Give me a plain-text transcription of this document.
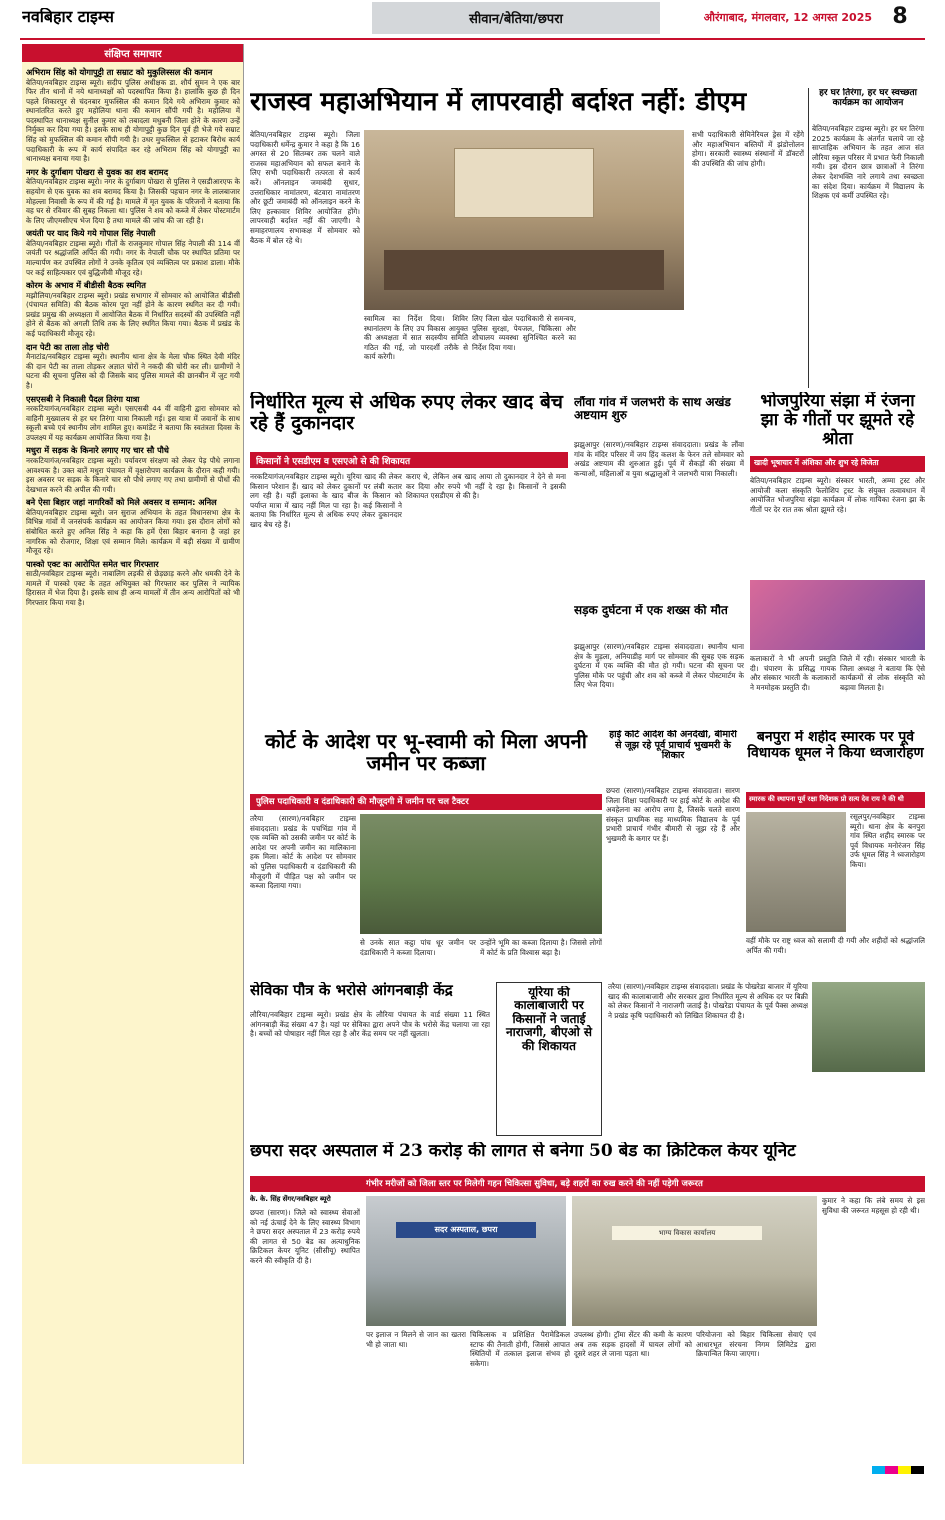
नवबिहार टाइम्स	सीवान/बेतिया/छपरा	औरंगाबाद, मंगलवार, 12 अगस्त 2025 8
संक्षिप्त समाचार
अभिराम सिंह को योगापुट्टी ता सम्राट को मुकुलिस्सल की कमान

बेतिया/नवबिहार टाइम्स ब्यूरो। सदीप पुलिस अधीक्षक डा. शौर्य सुमन ने एक बार फिर तीन थानों में नये थानाध्यक्षों को पदस्थापित किया है। हालांकि कुछ ही दिन पहले शिकारपुर से चंदनबार मुफस्सिल की कमान दिये गये अभिराम कुमार को स्थानांतरित करते हुए महोलिया थाना की कमान सौंपी गयी है। महोलिया में पदस्थापित थानाध्यक्ष सुनील कुमार को तबादला मधुबनी जिला होने के कारण उन्हें निर्मुक्त कर दिया गया है। इसके साथ ही योगापुट्टी कुछ दिन पूर्व ही भेजे गये सम्राट सिंह को मुफस्सिल की कमान सौंपी गयी है। उधर मुफस्सिल से हटाकर बिरोध कार्य पदाधिकारी के रूप में कार्य संपादित कर रहे अभिराम सिंह को योगापुट्टी का थानाध्यक्ष बनाया गया है।

नगर के दुर्गाबाग पोखरा से युवक का शव बरामद

बेतिया/नवबिहार टाइम्स ब्यूरो। नगर के दुर्गाबाग पोखरा से पुलिस ने एसडीआरएफ के सहयोग से एक युवक का शव बरामद किया है। जिसकी पहचान नगर के लालबाजार मोहल्ला निवासी के रूप में की गई है। मामले में मृत युवक के परिजनों ने बताया कि वह घर से रविवार की सुबह निकला था। पुलिस ने शव को कब्जे में लेकर पोस्टमार्टम के लिए जीएमसीएच भेज दिया है तथा मामले की जांच की जा रही है।

जयंती पर याद किये गये गोपाल सिंह नेपाली

बेतिया/नवबिहार टाइम्स ब्यूरो। गीतों के राजकुमार गोपाल सिंह नेपाली की 114 वीं जयंती पर श्रद्धांजलि अर्पित की गयी। नगर के नेपाली चौक पर स्थापित प्रतिमा पर माल्यार्पण कर उपस्थित लोगों ने उनके कृतित्व एवं व्यक्तित्व पर प्रकाश डाला। मौके पर कई साहित्यकार एवं बुद्धिजीवी मौजूद रहे।

कोरम के अभाव में बीडीसी बैठक स्थगित

मझौलिया/नवबिहार टाइम्स ब्यूरो। प्रखंड सभागार में सोमवार को आयोजित बीडीसी (पंचायत समिति) की बैठक कोरम पूरा नहीं होने के कारण स्थगित कर दी गयी। प्रखंड प्रमुख की अध्यक्षता में आयोजित बैठक में निर्धारित सदस्यों की उपस्थिति नहीं होने से बैठक को अगली तिथि तक के लिए स्थगित किया गया। बैठक में प्रखंड के कई पदाधिकारी मौजूद रहे।

दान पेटी का ताला तोड़ चोरी

मैनाटांड/नवबिहार टाइम्स ब्यूरो। स्थानीय थाना क्षेत्र के मेला चौक स्थित देवी मंदिर की दान पेटी का ताला तोड़कर अज्ञात चोरों ने नकदी की चोरी कर ली। ग्रामीणों ने घटना की सूचना पुलिस को दी जिसके बाद पुलिस मामले की छानबीन में जुट गयी है।

एसएसबी ने निकाली पैदल तिरंगा यात्रा

नरकटियागंज/नवबिहार टाइम्स ब्यूरो। एसएसबी 44 वीं वाहिनी द्वारा सोमवार को वाहिनी मुख्यालय से हर घर तिरंगा यात्रा निकाली गई। इस यात्रा में जवानों के साथ स्कूली बच्चे एवं स्थानीय लोग शामिल हुए। कमांडेंट ने बताया कि स्वतंत्रता दिवस के उपलक्ष्य में यह कार्यक्रम आयोजित किया गया है।

मधुरा में सड़क के किनारे लगाए गए चार सौ पौधे

नरकटियागंज/नवबिहार टाइम्स ब्यूरो। पर्यावरण संरक्षण को लेकर पेड़ पौधे लगाना आवश्यक है। उक्त बातें मधुरा पंचायत में वृक्षारोपण कार्यक्रम के दौरान कही गयी। इस अवसर पर सड़क के किनारे चार सौ पौधे लगाए गए तथा ग्रामीणों से पौधों की देखभाल करने की अपील की गयी।

बने ऐसा बिहार जहां नागरिकों को मिले अवसर व सम्मान: अनिल

बेतिया/नवबिहार टाइम्स ब्यूरो। जन सुराज अभियान के तहत विधानसभा क्षेत्र के विभिन्न गांवों में जनसंपर्क कार्यक्रम का आयोजन किया गया। इस दौरान लोगों को संबोधित करते हुए अनिल सिंह ने कहा कि हमें ऐसा बिहार बनाना है जहां हर नागरिक को रोजगार, शिक्षा एवं सम्मान मिले। कार्यक्रम में बड़ी संख्या में ग्रामीण मौजूद रहे।

पास्को एक्ट का आरोपित समेत चार गिरफ्तार

साठी/नवबिहार टाइम्स ब्यूरो। नाबालिग लड़की से छेड़छाड़ करने और धमकी देने के मामले में पास्को एक्ट के तहत अभियुक्त को गिरफ्तार कर पुलिस ने न्यायिक हिरासत में भेज दिया है। इसके साथ ही अन्य मामलों में तीन अन्य आरोपितों को भी गिरफ्तार किया गया है।

राजस्व महाअभियान में लापरवाही बर्दाश्त नहीं: डीएम
बेतिया/नवबिहार टाइम्स ब्यूरो। जिला पदाधिकारी धर्मेन्द्र कुमार ने कहा है कि 16 अगस्त से 20 सितम्बर तक चलने वाले राजस्व महाअभियान को सफल बनाने के लिए सभी पदाधिकारी तत्परता से कार्य करें। ऑनलाइन जमाबंदी सुधार, उत्तराधिकार नामांतरण, बंटवारा नामांतरण और छूटी जमाबंदी को ऑनलाइन करने के लिए हल्कावार शिविर आयोजित होंगे। लापरवाही बर्दाश्त नहीं की जाएगी। वे समाहरणालय सभाकक्ष में सोमवार को बैठक में बोल रहे थे।
स्वामित्व का निर्देश दिया। शिविर स्थानांतरण के लिए उप विकास आयुक्त की अध्यक्षता में सात सदस्यीय समिति गठित की गई, जो पारदर्शी तरीके से कार्य करेगी।
लिए जिला खेल पदाधिकारी से समन्वय, पुलिस सुरक्षा, पेयजल, चिकित्सा और शौचालय व्यवस्था सुनिश्चित करने का निर्देश दिया गया।
सभी पदाधिकारी सेमिनेरियल ड्रेस में रहेंगे और महाअभियान बस्तियों में झंडोत्तोलन होगा। सरकारी स्वास्थ्य संस्थानों में डॉक्टरों की उपस्थिति की जांच होगी।
हर घर तिरंगा, हर घर स्वच्छता कार्यक्रम का आयोजन
बेतिया/नवबिहार टाइम्स ब्यूरो। हर घर तिरंगा 2025 कार्यक्रम के अंतर्गत चलाये जा रहे साप्ताहिक अभियान के तहत आज संत लौरिया स्कूल परिसर में प्रभात फेरी निकाली गयी। इस दौरान छात्र छात्राओं ने तिरंगा लेकर देशभक्ति नारे लगाये तथा स्वच्छता का संदेश दिया। कार्यक्रम में विद्यालय के शिक्षक एवं कर्मी उपस्थित रहे।
निर्धारित मूल्य से अधिक रुपए लेकर खाद बेच रहे हैं दुकानदार
किसानों ने एसडीएम व एसएओ से की शिकायत
नरकटियागंज/नवबिहार टाइम्स ब्यूरो। यूरिया खाद की लेकर किसान परेशान हैं। खाद को लेकर दुकानों पर लंबी कतार लग रही है। यहीं इलाका के खाद बीज के किसान को पर्याप्त मात्रा में खाद नहीं मिल पा रहा है। कई किसानों ने बताया कि निर्धारित मूल्य से अधिक रुपए लेकर दुकानदार खाद बेच रहे हैं।
कराए थे, लेकिन अब खाद आया तो दुकानदार ने देने से मना कर दिया और रुपये भी नहीं दे रहा है। किसानों ने इसकी शिकायत एसडीएम से की है।
लौंवा गांव में जलभरी के साथ अखंड अष्टयाम शुरु
झझुआपुर (सारण)/नवबिहार टाइम्स संवाददाता। प्रखंड के लौंवा गांव के मंदिर परिसर में जय हिंद कलश के फेरन तले सोमवार को अखंड अष्टयाम की शुरुआत हुई। पूर्व में सैकड़ों की संख्या में कन्याओं, महिलाओं व युवा श्रद्धालुओं ने जलभरी यात्रा निकाली।
सड़क दुर्घटना में एक शख्स की मौत
झझुआपुर (सारण)/नवबिहार टाइम्स संवाददाता। स्थानीय थाना क्षेत्र के मुड़ला, अनियाडीह मार्ग पर सोमवार की सुबह एक सड़क दुर्घटना में एक व्यक्ति की मौत हो गयी। घटना की सूचना पर पुलिस मौके पर पहुंची और शव को कब्जे में लेकर पोस्टमार्टम के लिए भेज दिया।
भोजपुरिया संझा में रंजना झा के गीतों पर झूमते रहे श्रोता
खादी भूषाचार में अंशिका और शुभ रहे विजेता
बेतिया/नवबिहार टाइम्स ब्यूरो। संस्कार भारती, अम्मा ट्रस्ट और आयोजी कला संस्कृति फेलोशिप ट्रस्ट के संयुक्त तत्वावधान में आयोजित भोजपुरिया संझा कार्यक्रम में लोक गायिका रंजना झा के गीतों पर देर रात तक श्रोता झूमते रहे।
कलाकारों ने भी अपनी प्रस्तुति दी। चंपारण के प्रसिद्ध गायक और संस्कार भारती के कलाकारों ने मनमोहक प्रस्तुति दी।
जिले में रही। संस्कार भारती के जिला अध्यक्ष ने बताया कि ऐसे कार्यक्रमों से लोक संस्कृति को बढ़ावा मिलता है।
कोर्ट के आदेश पर भू-स्वामी को मिला अपनी जमीन पर कब्जा
पुलिस पदाधिकारी व दंडाधिकारी की मौजूदगी में जमीन पर चल टैक्टर
तरैया (सारण)/नवबिहार टाइम्स संवाददाता। प्रखंड के पचभिंडा गांव में एक व्यक्ति को उसकी जमीन पर कोर्ट के आदेश पर अपनी जमीन का मालिकाना हक मिला। कोर्ट के आदेश पर सोमवार को पुलिस पदाधिकारी व दंडाधिकारी की मौजूदगी में पीड़ित पक्ष को जमीन पर कब्जा दिलाया गया।
से उनके सात कट्ठा पांच धूर जमीन पर दंडाधिकारी ने कब्जा दिलाया।
उन्होंने भूमि का कब्जा दिलाया है। जिससे लोगों में कोर्ट के प्रति विश्वास बढ़ा है।
हाई कोर्ट आदेश की अनदेखी, बीमारी से जूझ रहे पूर्व प्राचार्य भुखमरी के शिकार
छपरा (सारण)/नवबिहार टाइम्स संवाददाता। सारण जिला शिक्षा पदाधिकारी पर हाई कोर्ट के आदेश की अवहेलना का आरोप लगा है, जिसके चलते सारण संस्कृत प्राथमिक सह माध्यमिक विद्यालय के पूर्व प्रभारी प्राचार्य गंभीर बीमारी से जूझ रहे हैं और भुखमरी के कगार पर हैं।
बनपुरा में शहीद स्मारक पर पूर्व विधायक धूमल ने किया ध्वजारोहण
स्मारक की स्थापना पूर्व रक्षा निदेशक प्रो सत्य देव राय ने की थी
रसूलपुर/नवबिहार टाइम्स ब्यूरो। थाना क्षेत्र के बनपुरा गांव स्थित शहीद स्मारक पर पूर्व विधायक मनोरंजन सिंह उर्फ धूमल सिंह ने ध्वजारोहण किया।
वहीं मौके पर राष्ट्र ध्वज को सलामी दी गयी और शहीदों को श्रद्धांजलि अर्पित की गयी।
सेविका पौत्र के भरोसे आंगनबाड़ी केंद्र
लौरिया/नवबिहार टाइम्स ब्यूरो। प्रखंड क्षेत्र के लौरिया पंचायत के वार्ड संख्या 11 स्थित आंगनबाड़ी केंद्र संख्या 47 है। यहां पर सेविका द्वारा अपने पौत्र के भरोसे केंद्र चलाया जा रहा है। बच्चों को पोषाहार नहीं मिल रहा है और केंद्र समय पर नहीं खुलता।
यूरिया की कालाबाजारी पर किसानों ने जताई नाराजगी, बीएओ से की शिकायत
तरैया (सारण)/नवबिहार टाइम्स संवाददाता। प्रखंड के पोखरेडा बाजार में यूरिया खाद की कालाबाजारी और सरकार द्वारा निर्धारित मूल्य से अधिक दर पर बिक्री को लेकर किसानों ने नाराजगी जताई है। पोखरेडा पंचायत के पूर्व पैक्स अध्यक्ष ने प्रखंड कृषि पदाधिकारी को लिखित शिकायत दी है।
छपरा सदर अस्पताल में 23 करोड़ की लागत से बनेगा 50 बेड का क्रिटिकल केयर यूनिट
गंभीर मरीजों को जिला स्तर पर मिलेगी गहन चिकित्सा सुविधा, बड़े शहरों का रुख करने की नहीं पड़ेगी जरूरत
के. के. सिंह सेंगर/नवबिहार ब्यूरो
छपरा (सारण)। जिले को स्वास्थ्य सेवाओं को नई ऊंचाई देने के लिए स्वास्थ्य विभाग ने छपरा सदर अस्पताल में 23 करोड़ रुपये की लागत से 50 बेड का अत्याधुनिक क्रिटिकल केयर यूनिट (सीसीयू) स्थापित करने की स्वीकृति दी है।
सदर अस्पताल, छपरा	भाग्य विकास कार्यालय
पर इलाज न मिलने से जान का खतरा भी हो जाता था।
चिकित्सक व प्रशिक्षित पैरामेडिकल स्टाफ की तैनाती होगी, जिससे आपात स्थितियों में तत्काल इलाज संभव हो सकेगा।
उपलब्ध होगी। ट्रॉमा सेंटर की कमी के कारण अब तक सड़क हादसों में घायल लोगों को दूसरे शहर ले जाना पड़ता था।
परियोजना को बिहार चिकित्सा सेवाएं एवं आधारभूत संरचना निगम लिमिटेड द्वारा क्रियान्वित किया जाएगा।
कुमार ने कहा कि लंबे समय से इस सुविधा की जरूरत महसूस हो रही थी।
